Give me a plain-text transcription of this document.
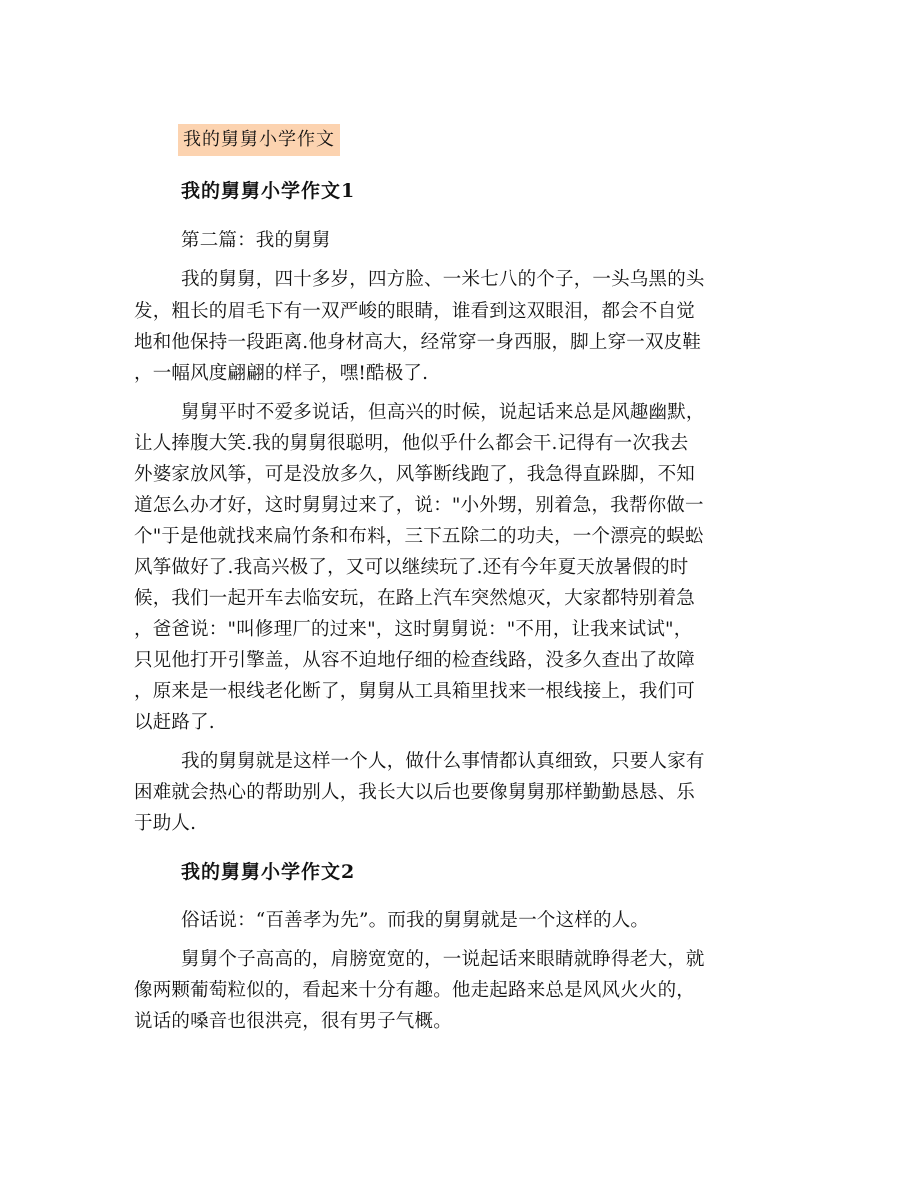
我的舅舅小学作文
我的舅舅小学作文1
第二篇：我的舅舅
我的舅舅，四十多岁，四方脸、一米七八的个子，一头乌黑的头
发，粗长的眉毛下有一双严峻的眼睛，谁看到这双眼泪，都会不自觉
地和他保持一段距离.他身材高大，经常穿一身西服，脚上穿一双皮鞋
，一幅风度翩翩的样子，嘿!酷极了.
舅舅平时不爱多说话，但高兴的时候，说起话来总是风趣幽默，
让人捧腹大笑.我的舅舅很聪明，他似乎什么都会干.记得有一次我去
外婆家放风筝，可是没放多久，风筝断线跑了，我急得直跺脚，不知
道怎么办才好，这时舅舅过来了，说："小外甥，别着急，我帮你做一
个"于是他就找来扁竹条和布料，三下五除二的功夫，一个漂亮的蜈蚣
风筝做好了.我高兴极了，又可以继续玩了.还有今年夏天放暑假的时
候，我们一起开车去临安玩，在路上汽车突然熄灭，大家都特别着急
，爸爸说："叫修理厂的过来"，这时舅舅说："不用，让我来试试"，
只见他打开引擎盖，从容不迫地仔细的检查线路，没多久查出了故障
，原来是一根线老化断了，舅舅从工具箱里找来一根线接上，我们可
以赶路了.
我的舅舅就是这样一个人，做什么事情都认真细致，只要人家有
困难就会热心的帮助别人，我长大以后也要像舅舅那样勤勤恳恳、乐
于助人.
我的舅舅小学作文2
俗话说：“百善孝为先”。而我的舅舅就是一个这样的人。
舅舅个子高高的，肩膀宽宽的，一说起话来眼睛就睁得老大，就
像两颗葡萄粒似的，看起来十分有趣。他走起路来总是风风火火的，
说话的嗓音也很洪亮，很有男子气概。
